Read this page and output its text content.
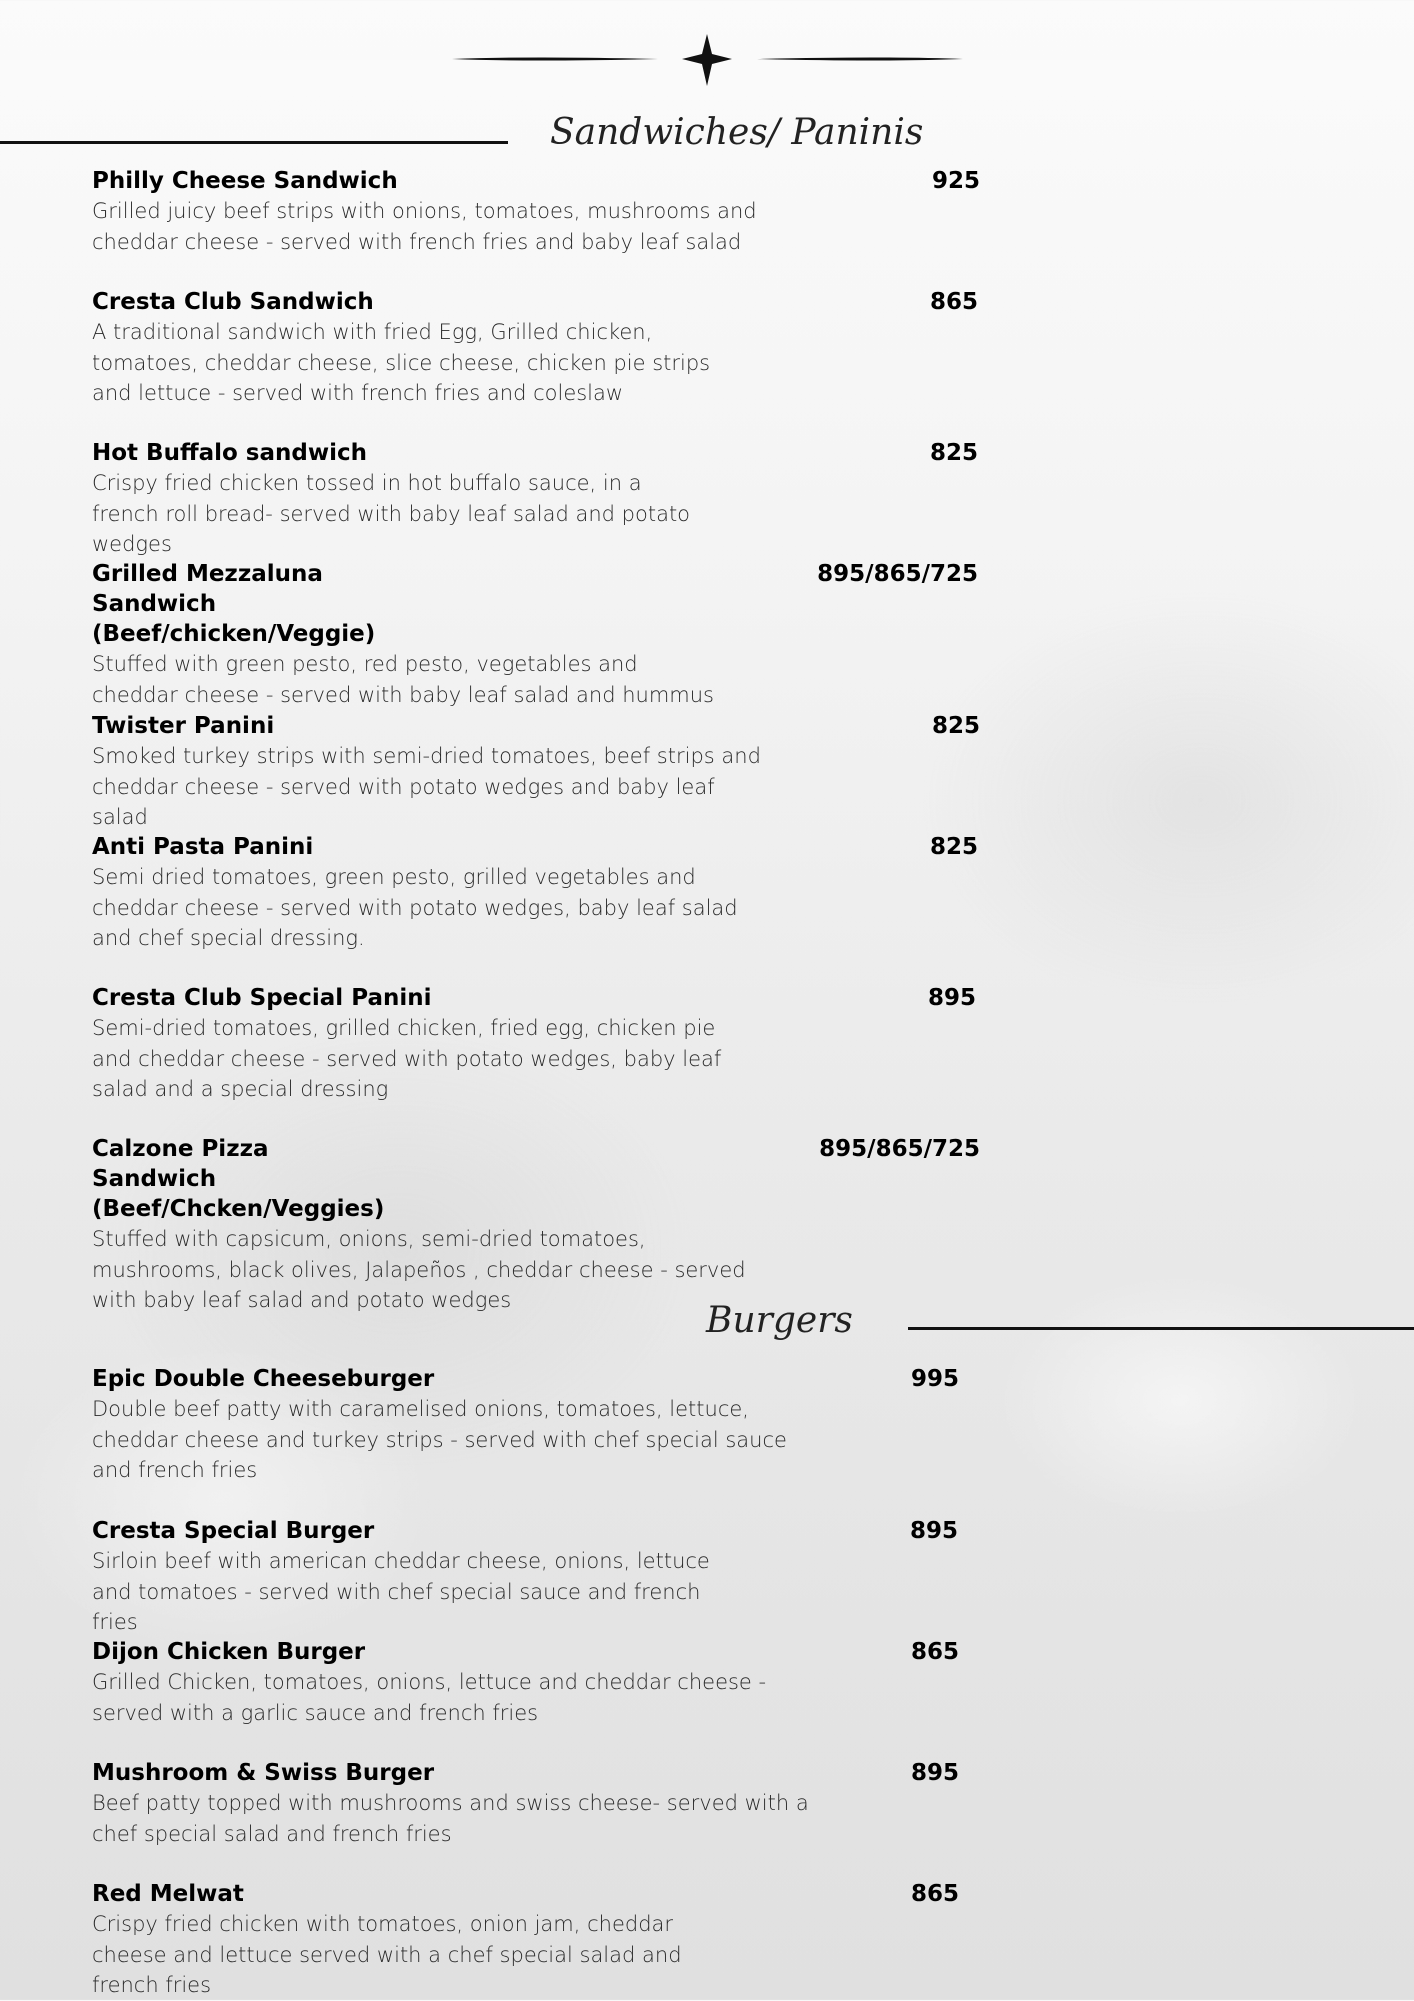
Sandwiches/ Paninis

Philly Cheese Sandwich

Grilled juicy beef strips with onions, tomatoes, mushrooms and cheddar cheese - served with french fries and baby leaf salad

925

Cresta Club Sandwich

A traditional sandwich with fried Egg, Grilled chicken, tomatoes, cheddar cheese, slice cheese, chicken pie strips and lettuce - served with french fries and coleslaw

865

Hot Buffalo sandwich

Crispy fried chicken tossed in hot buffalo sauce, in a french roll bread- served with baby leaf salad and potato wedges

825

Grilled Mezzaluna Sandwich (Beef/chicken/Veggie)

Stuffed with green pesto, red pesto, vegetables and cheddar cheese - served with baby leaf salad and hummus

895/865/725

Twister Panini

Smoked turkey strips with semi-dried tomatoes, beef strips and cheddar cheese - served with potato wedges and baby leaf salad

825

Anti Pasta Panini

Semi dried tomatoes, green pesto, grilled vegetables and cheddar cheese - served with potato wedges, baby leaf salad and chef special dressing.

825

Cresta Club Special Panini

Semi-dried tomatoes, grilled chicken, fried egg, chicken pie and cheddar cheese - served with potato wedges, baby leaf salad and a special dressing

895

Calzone Pizza Sandwich (Beef/Chcken/Veggies)

Stuffed with capsicum, onions, semi-dried tomatoes, mushrooms, black olives, Jalapeños , cheddar cheese - served with baby leaf salad and potato wedges

895/865/725
Burgers

Epic Double Cheeseburger

Double beef patty with caramelised onions, tomatoes, lettuce, cheddar cheese and turkey strips - served with chef special sauce and french fries

995

Cresta Special Burger

Sirloin beef with american cheddar cheese, onions, lettuce and tomatoes - served with chef special sauce and french fries

895

Dijon Chicken Burger

Grilled Chicken, tomatoes, onions, lettuce and cheddar cheese - served with a garlic sauce and french fries

865

Mushroom & Swiss Burger

Beef patty topped with mushrooms and swiss cheese- served with a chef special salad and french fries

895

Red Melwat

Crispy fried chicken with tomatoes, onion jam, cheddar cheese and lettuce served with a chef special salad and french fries

865
